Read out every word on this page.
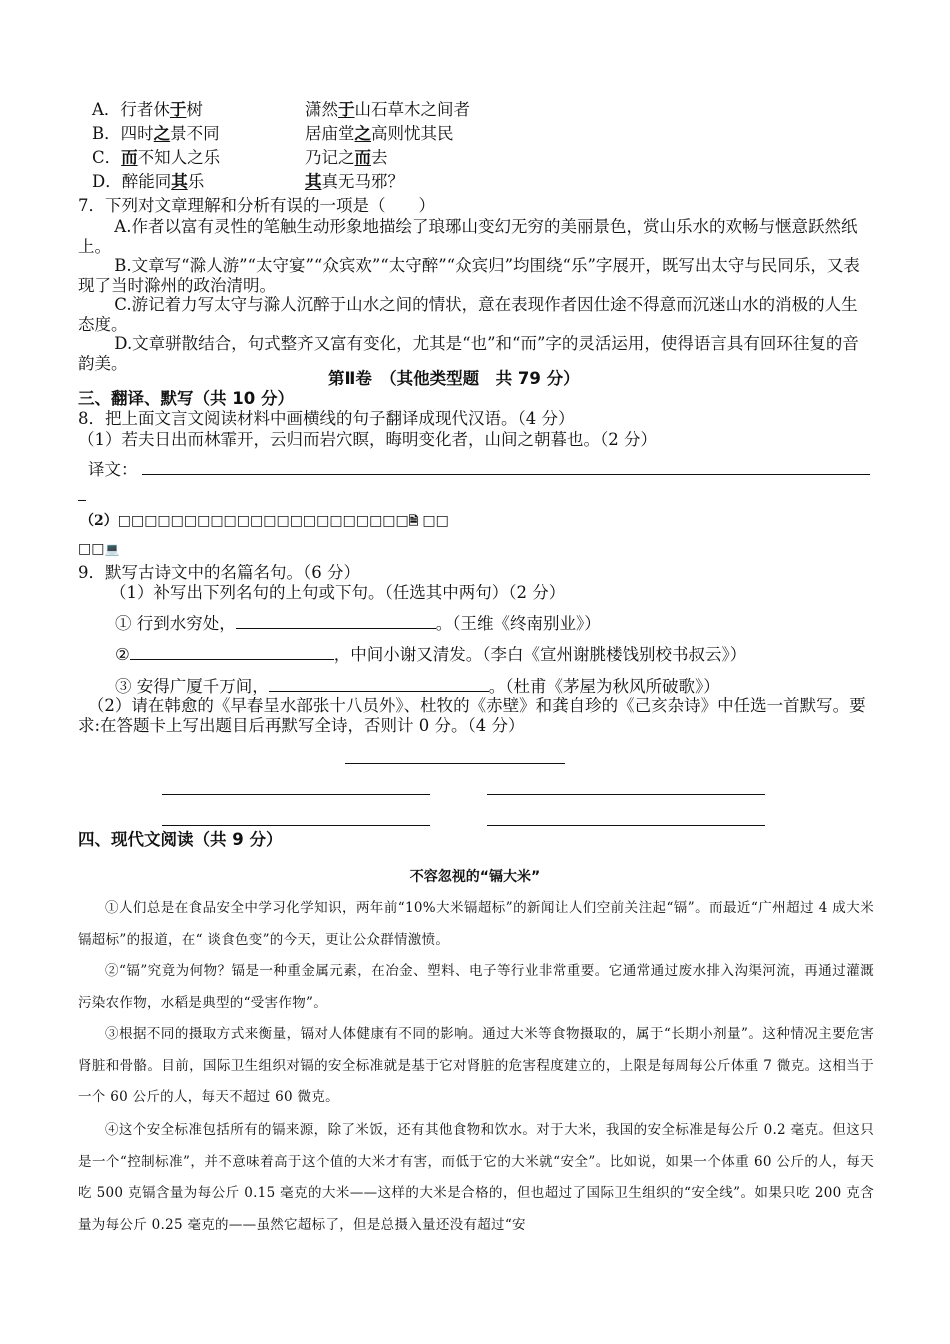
A．行者休于树	潇然于山石草木之间者
B．四时之景不同	居庙堂之高则忧其民
C．而不知人之乐	乃记之而去
D．醉能同其乐	其真无马邪？
7．下列对文章理解和分析有误的一项是（　　）
A.作者以富有灵性的笔触生动形象地描绘了琅琊山变幻无穷的美丽景色，赏山乐水的欢畅与惬意跃然纸上。
B.文章写“滁人游”“太守宴”“众宾欢”“太守醉”“众宾归”均围绕“乐”字展开，既写出太守与民同乐，又表现了当时滁州的政治清明。
C.游记着力写太守与滁人沉醉于山水之间的情状，意在表现作者因仕途不得意而沉迷山水的消极的人生态度。
D.文章骈散结合，句式整齐又富有变化，尤其是“也”和“而”字的灵活运用，使得语言具有回环往复的音韵美。
第Ⅱ卷　（其他类型题　共 79 分）
三、翻译、默写（共 10 分）
8．把上面文言文阅读材料中画横线的句子翻译成现代汉语。（4 分）
（1）若夫日出而林霏开，云归而岩穴瞑，晦明变化者，山间之朝暮也。（2 分）
译文：
（2）□□□□□□□□□□□□□□□□□□□□□□🗎 □□
□□💻
9．默写古诗文中的名篇名句。（6 分）
（1）补写出下列名句的上句或下句。（任选其中两句）（2 分）
① 行到水穷处，	。（王维《终南别业》）
②	，中间小谢又清发。（李白《宣州谢朓楼饯别校书叔云》）
③ 安得广厦千万间，	。（杜甫《茅屋为秋风所破歌》）
（2）请在韩愈的《早春呈水部张十八员外》、杜牧的《赤壁》和龚自珍的《己亥杂诗》中任选一首默写。要求:在答题卡上写出题目后再默写全诗，否则计 0 分。（4 分）
四、现代文阅读（共 9 分）
不容忽视的“镉大米”
①人们总是在食品安全中学习化学知识，两年前“10%大米镉超标”的新闻让人们空前关注起“镉”。而最近“广州超过 4 成大米镉超标”的报道，在“ 谈食色变”的今天，更让公众群情激愤。
②“镉”究竟为何物？镉是一种重金属元素，在冶金、塑料、电子等行业非常重要。它通常通过废水排入沟渠河流，再通过灌溉污染农作物，水稻是典型的“受害作物”。
③根据不同的摄取方式来衡量，镉对人体健康有不同的影响。通过大米等食物摄取的，属于“长期小剂量”。这种情况主要危害肾脏和骨骼。目前，国际卫生组织对镉的安全标准就是基于它对肾脏的危害程度建立的，上限是每周每公斤体重 7 微克。这相当于一个 60 公斤的人，每天不超过 60 微克。
④这个安全标准包括所有的镉来源，除了米饭，还有其他食物和饮水。对于大米，我国的安全标准是每公斤 0.2 毫克。但这只是一个“控制标准”，并不意味着高于这个值的大米才有害，而低于它的大米就“安全”。比如说，如果一个体重 60 公斤的人，每天吃 500 克镉含量为每公斤 0.15 毫克的大米——这样的大米是合格的，但也超过了国际卫生组织的“安全线”。如果只吃 200 克含量为每公斤 0.25 毫克的——虽然它超标了，但是总摄入量还没有超过“安
